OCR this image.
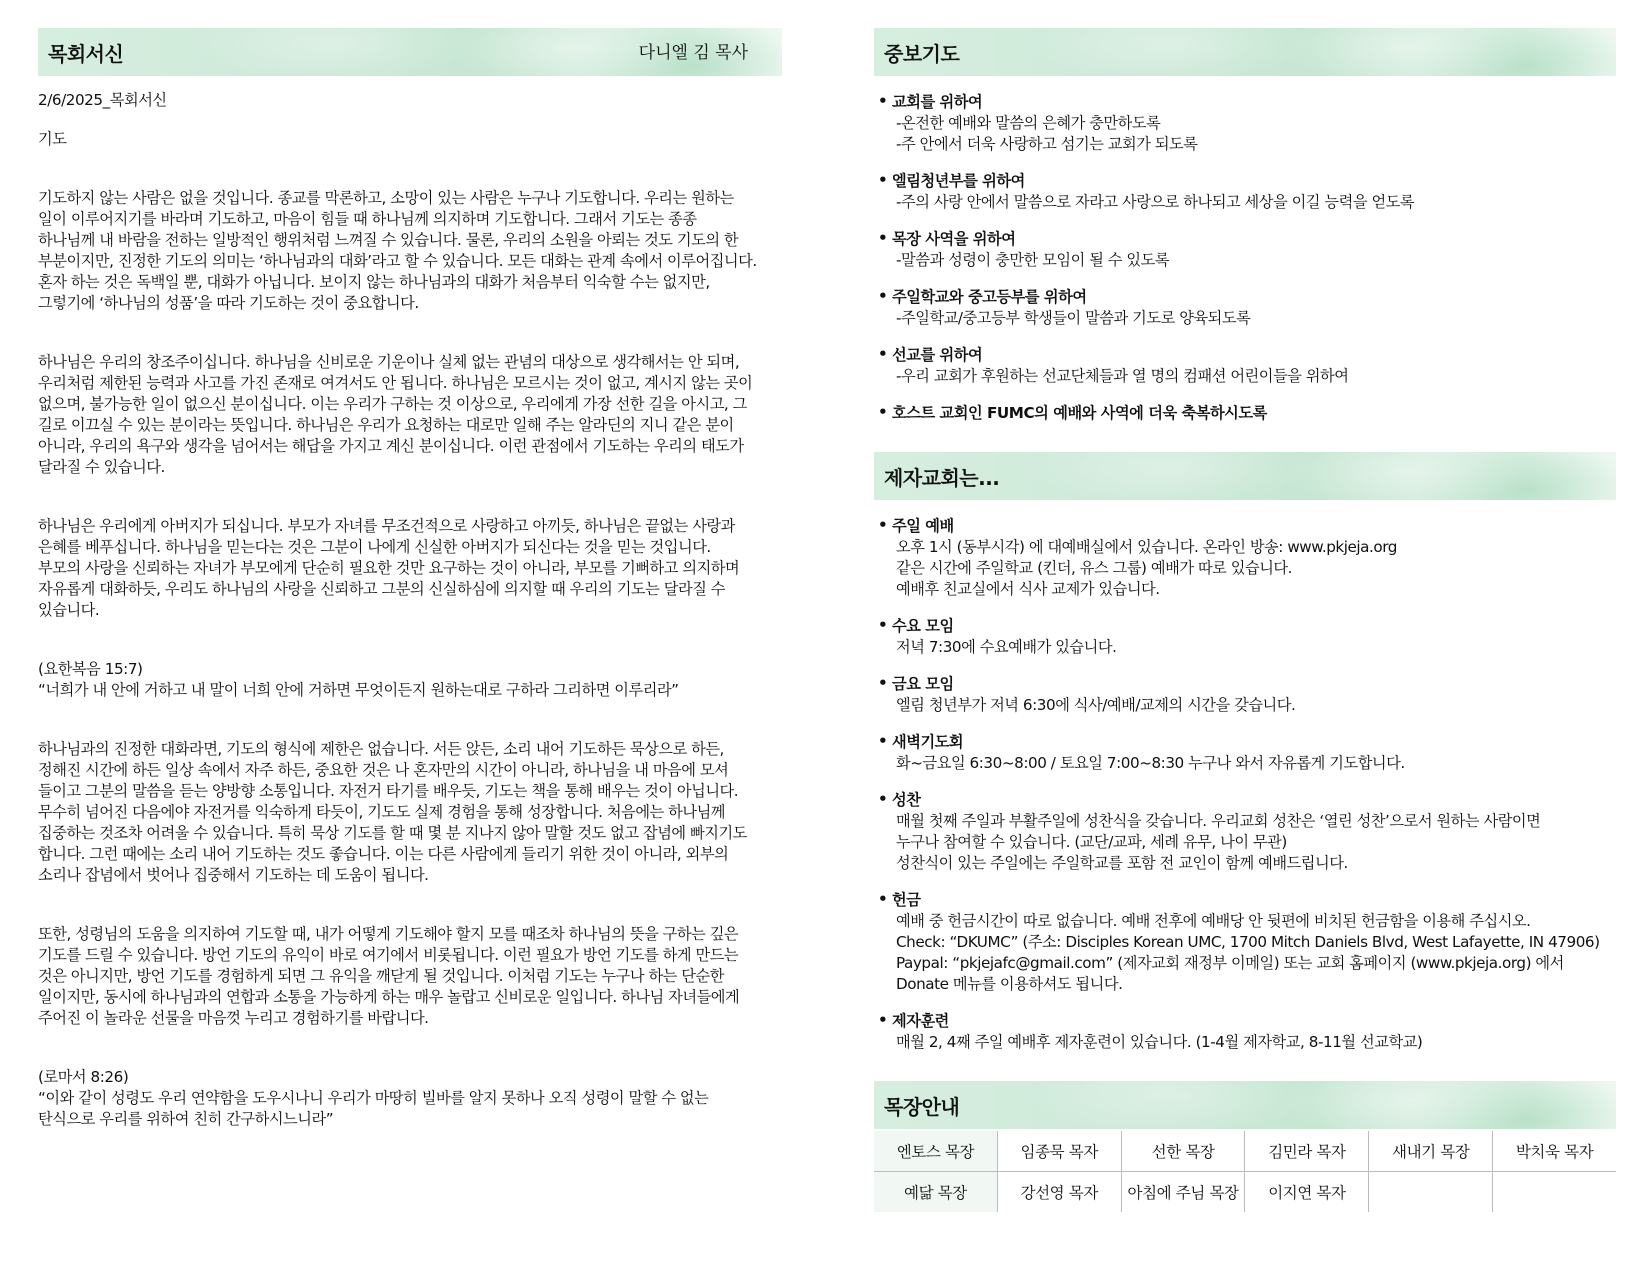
목회서신	다니엘 김 목사

2/6/2025_목회서신

기도

기도하지 않는 사람은 없을 것입니다. 종교를 막론하고, 소망이 있는 사람은 누구나 기도합니다. 우리는 원하는
일이 이루어지기를 바라며 기도하고, 마음이 힘들 때 하나님께 의지하며 기도합니다. 그래서 기도는 종종
하나님께 내 바람을 전하는 일방적인 행위처럼 느껴질 수 있습니다. 물론, 우리의 소원을 아뢰는 것도 기도의 한
부분이지만, 진정한 기도의 의미는 ‘하나님과의 대화’라고 할 수 있습니다. 모든 대화는 관계 속에서 이루어집니다.
혼자 하는 것은 독백일 뿐, 대화가 아닙니다. 보이지 않는 하나님과의 대화가 처음부터 익숙할 수는 없지만,
그렇기에 ‘하나님의 성품’을 따라 기도하는 것이 중요합니다.

하나님은 우리의 창조주이십니다. 하나님을 신비로운 기운이나 실체 없는 관념의 대상으로 생각해서는 안 되며,
우리처럼 제한된 능력과 사고를 가진 존재로 여겨서도 안 됩니다. 하나님은 모르시는 것이 없고, 계시지 않는 곳이
없으며, 불가능한 일이 없으신 분이십니다. 이는 우리가 구하는 것 이상으로, 우리에게 가장 선한 길을 아시고, 그
길로 이끄실 수 있는 분이라는 뜻입니다. 하나님은 우리가 요청하는 대로만 일해 주는 알라딘의 지니 같은 분이
아니라, 우리의 욕구와 생각을 넘어서는 해답을 가지고 계신 분이십니다. 이런 관점에서 기도하는 우리의 태도가
달라질 수 있습니다.

하나님은 우리에게 아버지가 되십니다. 부모가 자녀를 무조건적으로 사랑하고 아끼듯, 하나님은 끝없는 사랑과
은혜를 베푸십니다. 하나님을 믿는다는 것은 그분이 나에게 신실한 아버지가 되신다는 것을 믿는 것입니다.
부모의 사랑을 신뢰하는 자녀가 부모에게 단순히 필요한 것만 요구하는 것이 아니라, 부모를 기뻐하고 의지하며
자유롭게 대화하듯, 우리도 하나님의 사랑을 신뢰하고 그분의 신실하심에 의지할 때 우리의 기도는 달라질 수
있습니다.

(요한복음 15:7)
“너희가 내 안에 거하고 내 말이 너희 안에 거하면 무엇이든지 원하는대로 구하라 그리하면 이루리라”

하나님과의 진정한 대화라면, 기도의 형식에 제한은 없습니다. 서든 앉든, 소리 내어 기도하든 묵상으로 하든,
정해진 시간에 하든 일상 속에서 자주 하든, 중요한 것은 나 혼자만의 시간이 아니라, 하나님을 내 마음에 모셔
들이고 그분의 말씀을 듣는 양방향 소통입니다. 자전거 타기를 배우듯, 기도는 책을 통해 배우는 것이 아닙니다.
무수히 넘어진 다음에야 자전거를 익숙하게 타듯이, 기도도 실제 경험을 통해 성장합니다. 처음에는 하나님께
집중하는 것조차 어려울 수 있습니다. 특히 묵상 기도를 할 때 몇 분 지나지 않아 말할 것도 없고 잡념에 빠지기도
합니다. 그런 때에는 소리 내어 기도하는 것도 좋습니다. 이는 다른 사람에게 들리기 위한 것이 아니라, 외부의
소리나 잡념에서 벗어나 집중해서 기도하는 데 도움이 됩니다.

또한, 성령님의 도움을 의지하여 기도할 때, 내가 어떻게 기도해야 할지 모를 때조차 하나님의 뜻을 구하는 깊은
기도를 드릴 수 있습니다. 방언 기도의 유익이 바로 여기에서 비롯됩니다. 이런 필요가 방언 기도를 하게 만드는
것은 아니지만, 방언 기도를 경험하게 되면 그 유익을 깨닫게 될 것입니다. 이처럼 기도는 누구나 하는 단순한
일이지만, 동시에 하나님과의 연합과 소통을 가능하게 하는 매우 놀랍고 신비로운 일입니다. 하나님 자녀들에게
주어진 이 놀라운 선물을 마음껏 누리고 경험하기를 바랍니다.

(로마서 8:26)
“이와 같이 성령도 우리 연약함을 도우시나니 우리가 마땅히 빌바를 알지 못하나 오직 성령이 말할 수 없는
탄식으로 우리를 위하여 친히 간구하시느니라”

중보기도
• 교회를 위하여
-온전한 예배와 말씀의 은혜가 충만하도록
-주 안에서 더욱 사랑하고 섬기는 교회가 되도록
• 엘림청년부를 위하여
-주의 사랑 안에서 말씀으로 자라고 사랑으로 하나되고 세상을 이길 능력을 얻도록
• 목장 사역을 위하여
-말씀과 성령이 충만한 모임이 될 수 있도록
• 주일학교와 중고등부를 위하여
-주일학교/중고등부 학생들이 말씀과 기도로 양육되도록
• 선교를 위하여
-우리 교회가 후원하는 선교단체들과 열 명의 컴패션 어린이들을 위하여
• 호스트 교회인 FUMC의 예배와 사역에 더욱 축복하시도록
제자교회는...
• 주일 예배
오후 1시 (동부시각) 에 대예배실에서 있습니다. 온라인 방송: www.pkjeja.org
같은 시간에 주일학교 (킨더, 유스 그룹) 예배가 따로 있습니다.
예배후 친교실에서 식사 교제가 있습니다.
• 수요 모임
저녁 7:30에 수요예배가 있습니다.
• 금요 모임
엘림 청년부가 저녁 6:30에 식사/예배/교제의 시간을 갖습니다.
• 새벽기도회
화~금요일 6:30~8:00 / 토요일 7:00~8:30 누구나 와서 자유롭게 기도합니다.
• 성찬
매월 첫째 주일과 부활주일에 성찬식을 갖습니다. 우리교회 성찬은 ‘열린 성찬’으로서 원하는 사람이면
누구나 참여할 수 있습니다. (교단/교파, 세례 유무, 나이 무관)
성찬식이 있는 주일에는 주일학교를 포함 전 교인이 함께 예배드립니다.
• 헌금
예배 중 헌금시간이 따로 없습니다. 예배 전후에 예배당 안 뒷편에 비치된 헌금함을 이용해 주십시오.
Check: “DKUMC” (주소: Disciples Korean UMC, 1700 Mitch Daniels Blvd, West Lafayette, IN 47906)
Paypal: “pkjejafc@gmail.com” (제자교회 재정부 이메일) 또는 교회 홈페이지 (www.pkjeja.org) 에서
Donate 메뉴를 이용하셔도 됩니다.
• 제자훈련
매월 2, 4째 주일 예배후 제자훈련이 있습니다. (1-4월 제자학교, 8-11월 선교학교)
목장안내
엔토스 목장	임종묵 목자	선한 목장	김민라 목자	새내기 목장	박치욱 목자
예닮 목장	강선영 목자	아침에 주님 목장	이지연 목자		
